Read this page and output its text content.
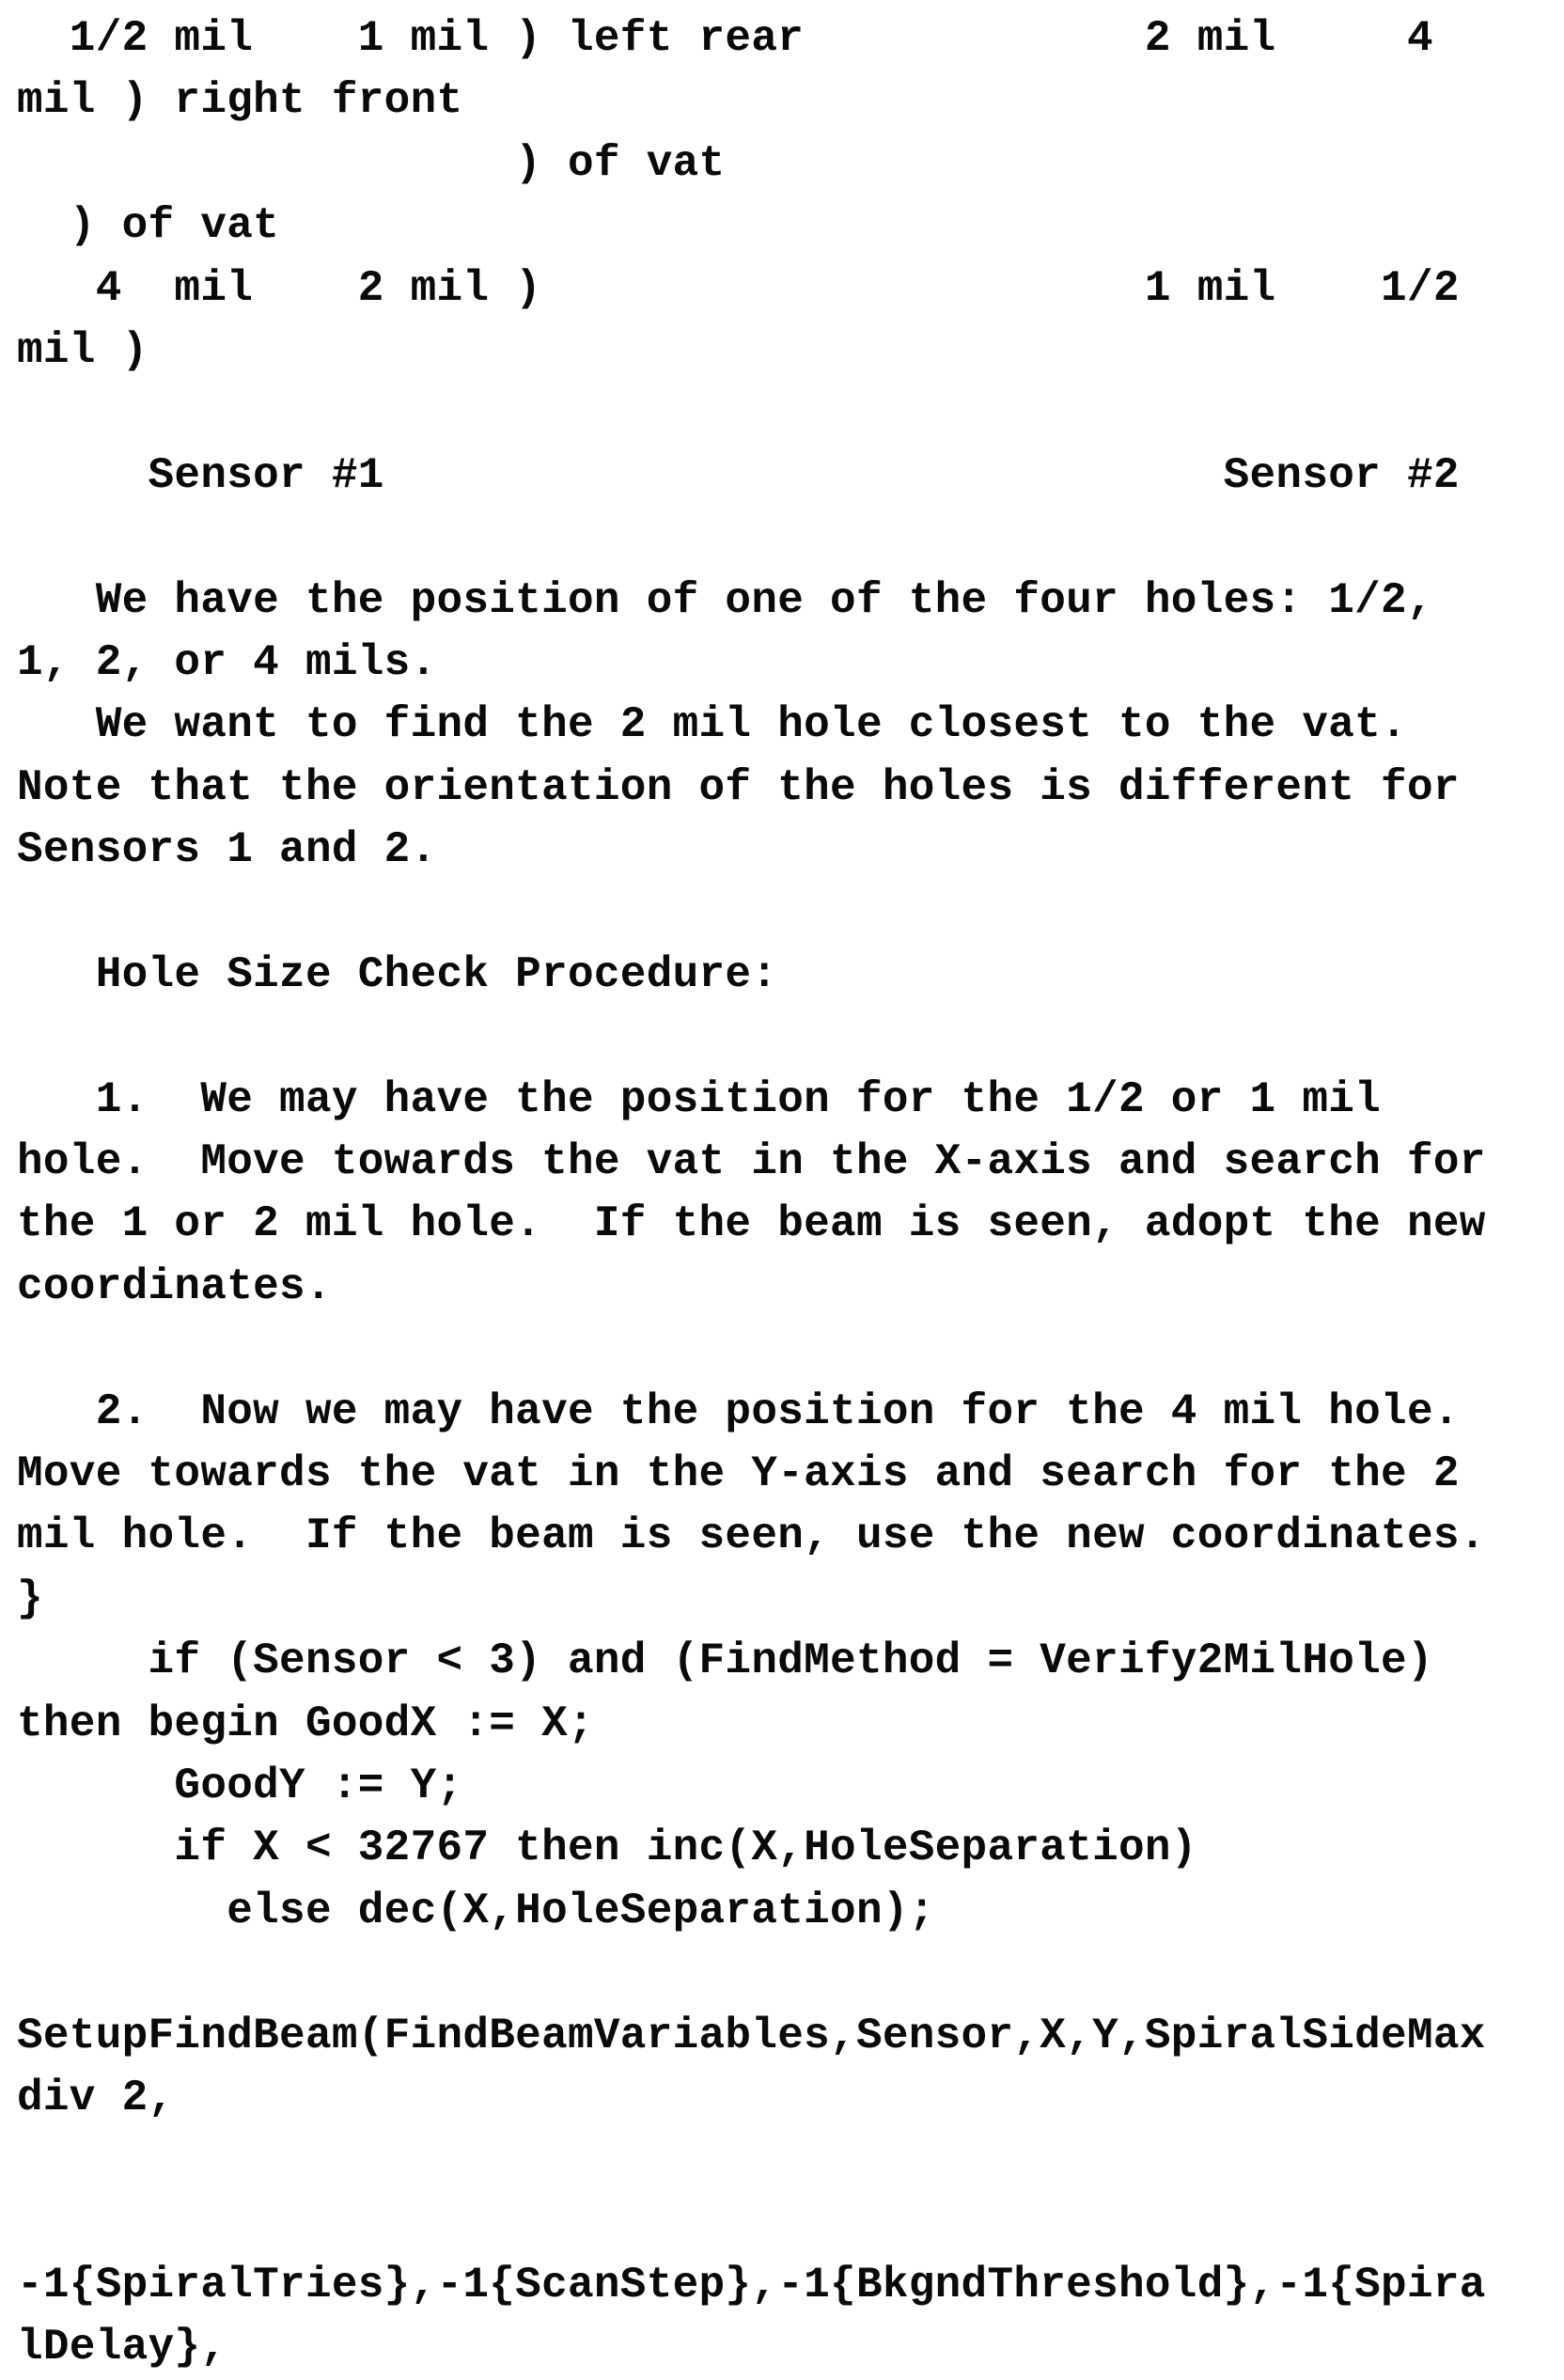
1/2 mil    1 mil ) left rear             2 mil     4
mil ) right front
) of vat
) of vat
4  mil    2 mil )                       1 mil    1/2
mil )
Sensor #1                                Sensor #2
We have the position of one of the four holes: 1/2,
1, 2, or 4 mils.
We want to find the 2 mil hole closest to the vat.
Note that the orientation of the holes is different for
Sensors 1 and 2.
Hole Size Check Procedure:
1.  We may have the position for the 1/2 or 1 mil
hole.  Move towards the vat in the X-axis and search for
the 1 or 2 mil hole.  If the beam is seen, adopt the new
coordinates.
2.  Now we may have the position for the 4 mil hole.
Move towards the vat in the Y-axis and search for the 2
mil hole.  If the beam is seen, use the new coordinates.
}
if (Sensor < 3) and (FindMethod = Verify2MilHole)
then begin GoodX := X;
GoodY := Y;
if X < 32767 then inc(X,HoleSeparation)
else dec(X,HoleSeparation);
SetupFindBeam(FindBeamVariables,Sensor,X,Y,SpiralSideMax
div 2,
-1{SpiralTries},-1{ScanStep},-1{BkgndThreshold},-1{Spira
lDelay},
